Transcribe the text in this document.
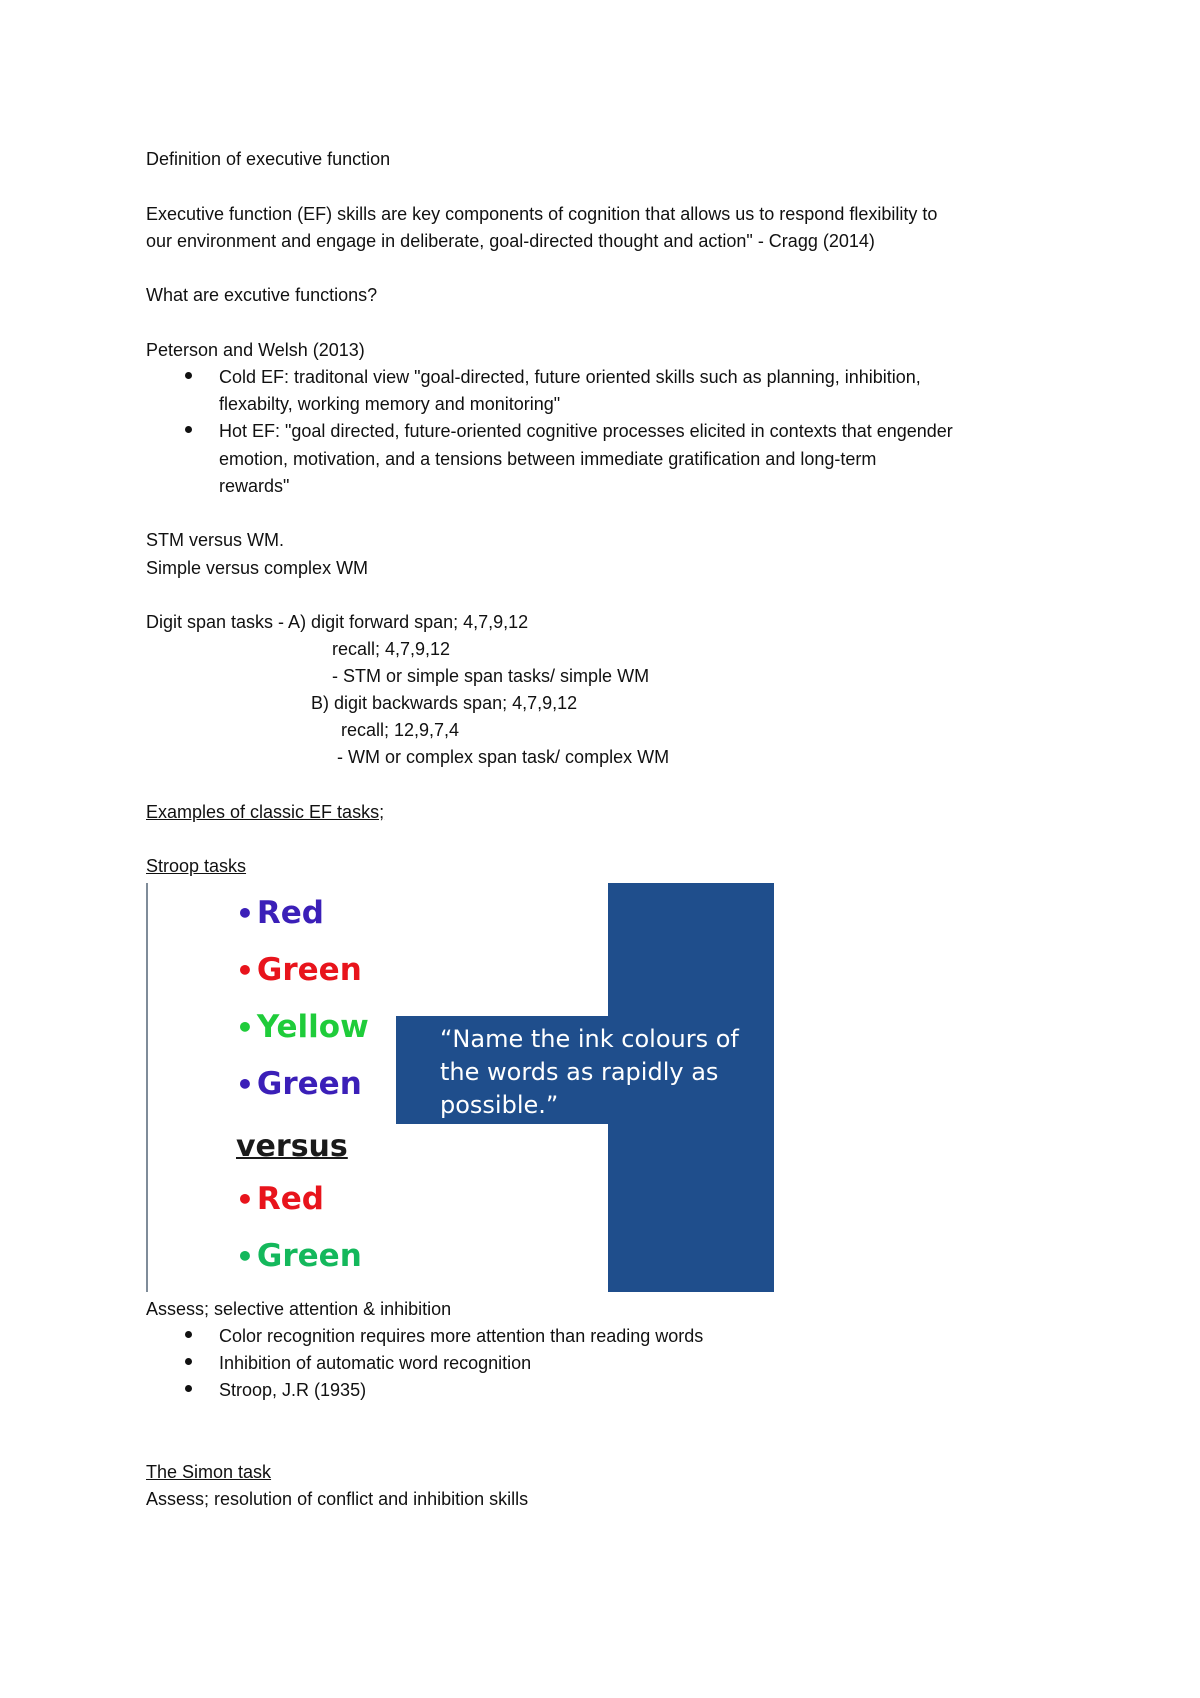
Definition of executive function
Executive function (EF) skills are key components of cognition that allows us to respond flexibility to
our environment and engage in deliberate, goal-directed thought and action" - Cragg (2014)
What are excutive functions?
Peterson and Welsh (2013)
Cold EF: traditonal view "goal-directed, future oriented skills such as planning, inhibition,
flexabilty, working memory and monitoring"
Hot EF: "goal directed, future-oriented cognitive processes elicited in contexts that engender
emotion, motivation, and a tensions between immediate gratification and long-term
rewards"
STM versus WM.
Simple versus complex WM
Digit span tasks - A) digit forward span; 4,7,9,12
recall; 4,7,9,12
- STM or simple span tasks/ simple WM
B) digit backwards span; 4,7,9,12
recall; 12,9,7,4
- WM or complex span task/ complex WM
Examples of classic EF tasks;
Stroop tasks
“Name the ink colours of the words as rapidly as possible.”
•Red
•Green
•Yellow
•Green
versus
•Red
•Green
Assess; selective attention & inhibition
Color recognition requires more attention than reading words
Inhibition of automatic word recognition
Stroop, J.R (1935)
The Simon task
Assess; resolution of conflict and inhibition skills
